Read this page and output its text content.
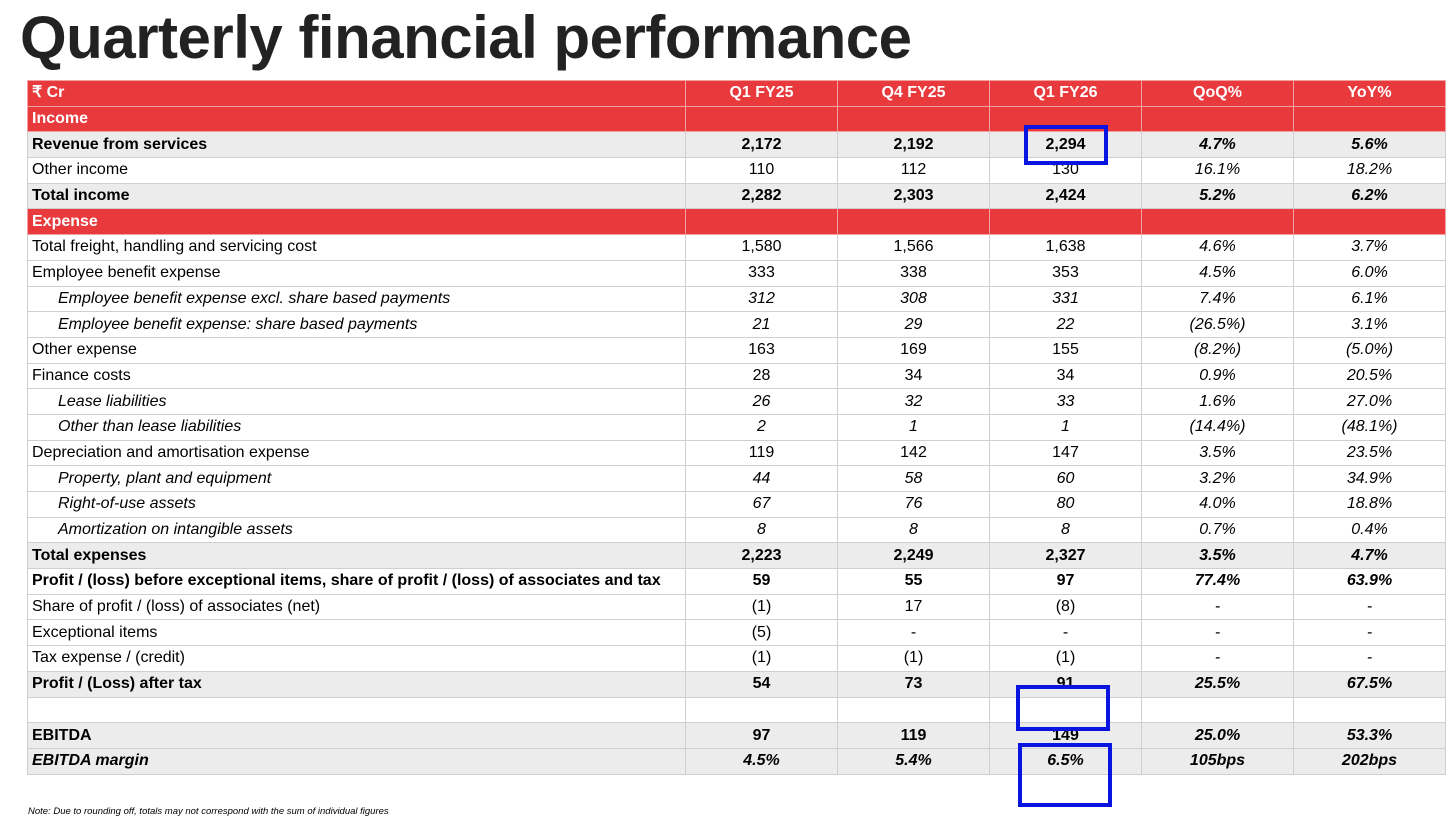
Quarterly financial performance
₹ Cr	Q1 FY25	Q4 FY25	Q1 FY26	QoQ%	YoY%
Income					
Revenue from services	2,172	2,192	2,294	4.7%	5.6%
Other income	110	112	130	16.1%	18.2%
Total income	2,282	2,303	2,424	5.2%	6.2%
Expense					
Total freight, handling and servicing cost	1,580	1,566	1,638	4.6%	3.7%
Employee benefit expense	333	338	353	4.5%	6.0%
Employee benefit expense excl. share based payments	312	308	331	7.4%	6.1%
Employee benefit expense: share based payments	21	29	22	(26.5%)	3.1%
Other expense	163	169	155	(8.2%)	(5.0%)
Finance costs	28	34	34	0.9%	20.5%
Lease liabilities	26	32	33	1.6%	27.0%
Other than lease liabilities	2	1	1	(14.4%)	(48.1%)
Depreciation and amortisation expense	119	142	147	3.5%	23.5%
Property, plant and equipment	44	58	60	3.2%	34.9%
Right-of-use assets	67	76	80	4.0%	18.8%
Amortization on intangible assets	8	8	8	0.7%	0.4%
Total expenses	2,223	2,249	2,327	3.5%	4.7%
Profit / (loss) before exceptional items, share of profit / (loss) of associates and tax	59	55	97	77.4%	63.9%
Share of profit / (loss) of associates (net)	(1)	17	(8)	-	-
Exceptional items	(5)	-	-	-	-
Tax expense / (credit)	(1)	(1)	(1)	-	-
Profit / (Loss) after tax	54	73	91	25.5%	67.5%

EBITDA	97	119	149	25.0%	53.3%
EBITDA margin	4.5%	5.4%	6.5%	105bps	202bps
Note: Due to rounding off, totals may not correspond with the sum of individual figures
